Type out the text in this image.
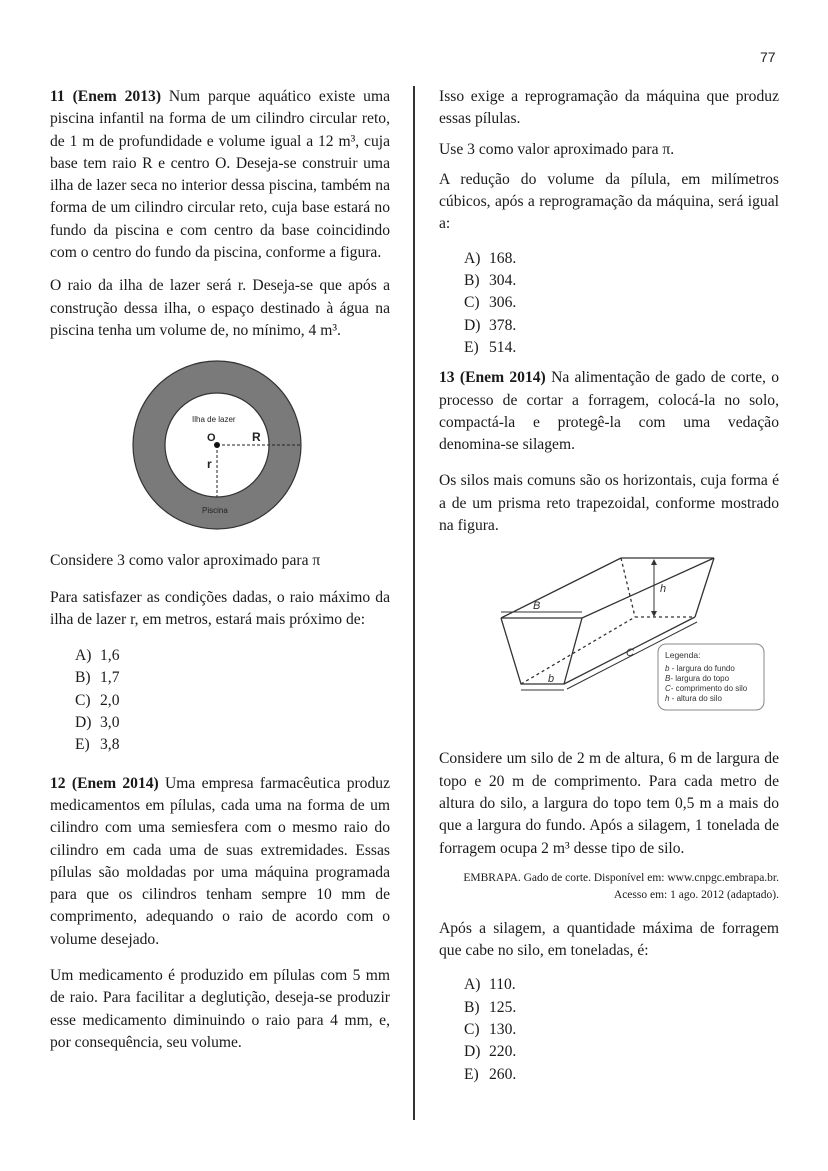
77

11 (Enem 2013) Num parque aquático existe uma piscina infantil na forma de um cilindro circular reto, de 1 m de profundidade e volume igual a 12 m³, cuja base tem raio R e centro O. Deseja-se construir uma ilha de lazer seca no interior dessa piscina, também na forma de um cilindro circular reto, cuja base estará no fundo da piscina e com centro da base coincidindo com o centro do fundo da piscina, conforme a figura.

O raio da ilha de lazer será r. Deseja-se que após a construção dessa ilha, o espaço destinado à água na piscina tenha um volume de, no mínimo, 4 m³.

Ilha de lazer
O	R
r
Piscina

Considere 3 como valor aproximado para π

Para satisfazer as condições dadas, o raio máximo da ilha de lazer r, em metros, estará mais próximo de:

A) 1,6
B) 1,7
C) 2,0
D) 3,0
E) 3,8

12 (Enem 2014) Uma empresa farmacêutica produz medicamentos em pílulas, cada uma na forma de um cilindro com uma semiesfera com o mesmo raio do cilindro em cada uma de suas extremidades. Essas pílulas são moldadas por uma máquina programada para que os cilindros tenham sempre 10 mm de comprimento, adequando o raio de acordo com o volume desejado.

Um medicamento é produzido em pílulas com 5 mm de raio. Para facilitar a deglutição, deseja-se produzir esse medicamento diminuindo o raio para 4 mm, e, por consequência, seu volume.

Isso exige a reprogramação da máquina que produz essas pílulas.

Use 3 como valor aproximado para π.

A redução do volume da pílula, em milímetros cúbicos, após a reprogramação da máquina, será igual a:

A) 168.
B) 304.
C) 306.
D) 378.
E) 514.

13 (Enem 2014) Na alimentação de gado de corte, o processo de cortar a forragem, colocá-la no solo, compactá-la e protegê-la com uma vedação denomina-se silagem.

Os silos mais comuns são os horizontais, cuja forma é a de um prisma reto trapezoidal, conforme mostrado na figura.

B
b
C
h
Legenda:
b - largura do fundo
B- largura do topo
C- comprimento do silo
h - altura do silo

Considere um silo de 2 m de altura, 6 m de largura de topo e 20 m de comprimento. Para cada metro de altura do silo, a largura do topo tem 0,5 m a mais do que a largura do fundo. Após a silagem, 1 tonelada de forragem ocupa 2 m³ desse tipo de silo.

EMBRAPA. Gado de corte. Disponível em: www.cnpgc.embrapa.br.
Acesso em: 1 ago. 2012 (adaptado).

Após a silagem, a quantidade máxima de forragem que cabe no silo, em toneladas, é:

A) 110.
B) 125.
C) 130.
D) 220.
E) 260.
